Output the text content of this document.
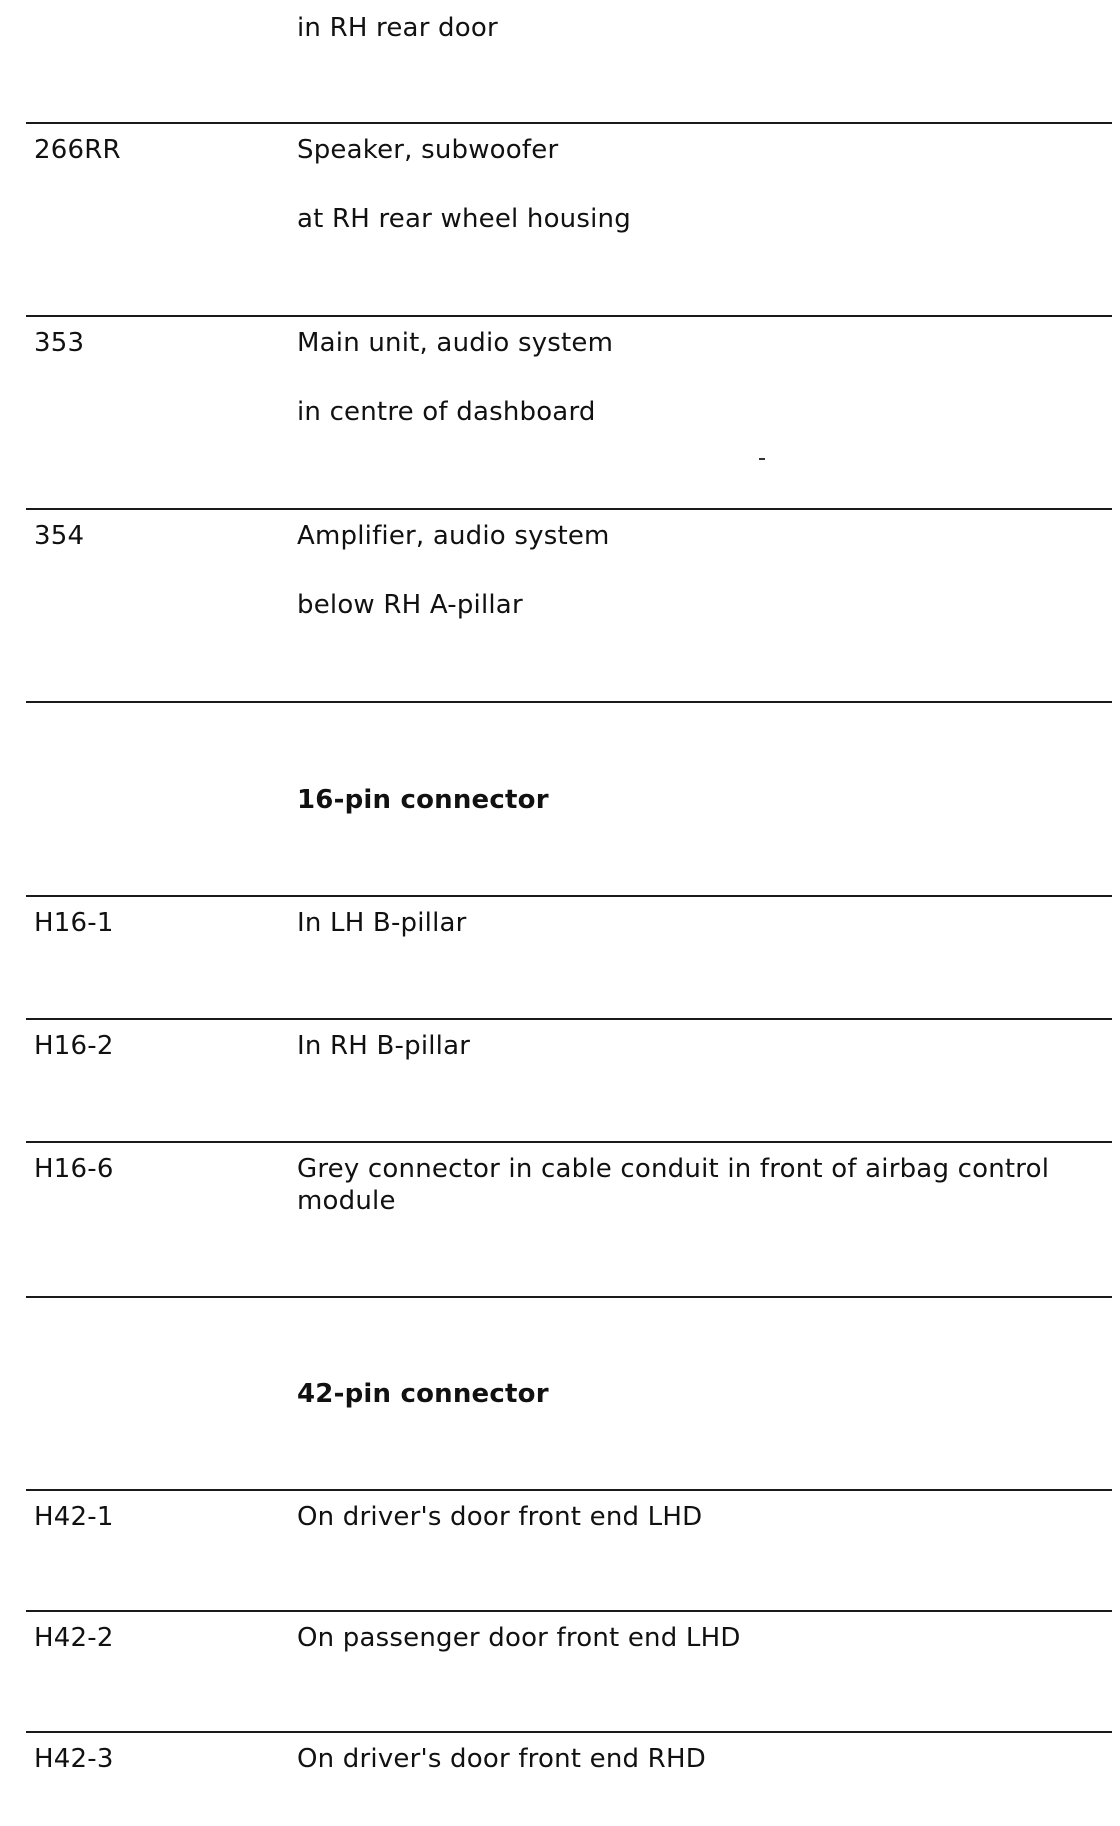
in RH rear door
266RR	Speaker, subwoofer
at RH rear wheel housing
353	Main unit, audio system
in centre of dashboard
354	Amplifier, audio system
below RH A-pillar
16-pin connector
H16-1	In LH B-pillar
H16-2	In RH B-pillar
H16-6	Grey connector in cable conduit in front of airbag control module
42-pin connector
H42-1	On driver's door front end LHD
H42-2	On passenger door front end LHD
H42-3	On driver's door front end RHD
